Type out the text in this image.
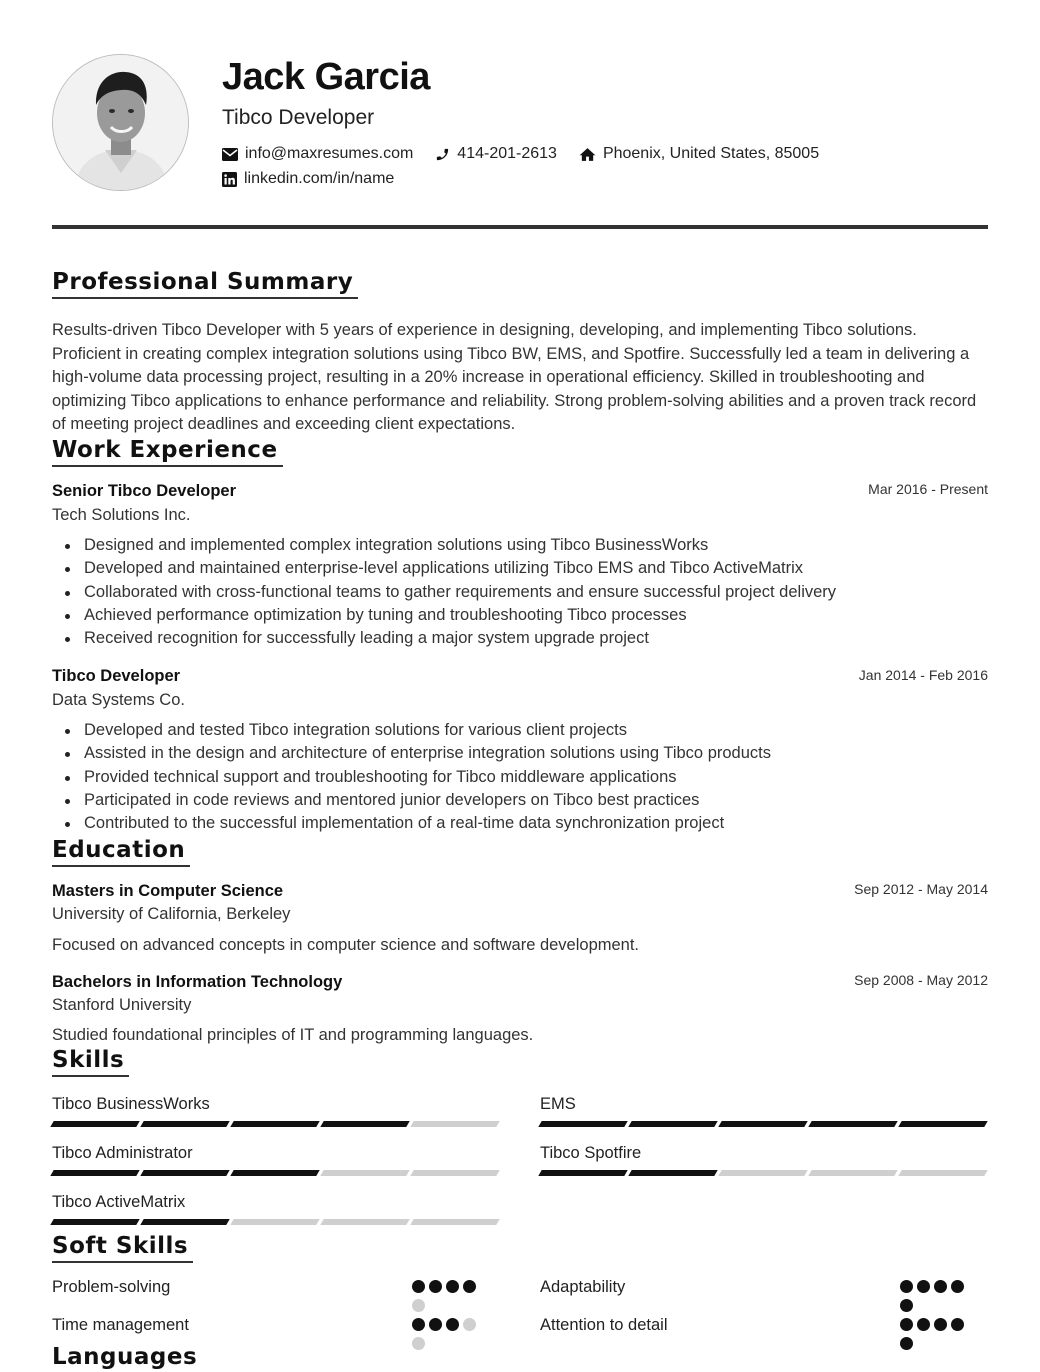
Jack Garcia
Tibco Developer
info@maxresumes.com	414-201-2613	Phoenix, United States, 85005
linkedin.com/in/name
Professional Summary
Results-driven Tibco Developer with 5 years of experience in designing, developing, and implementing Tibco solutions. Proficient in creating complex integration solutions using Tibco BW, EMS, and Spotfire. Successfully led a team in delivering a high-volume data processing project, resulting in a 20% increase in operational efficiency. Skilled in troubleshooting and optimizing Tibco applications to enhance performance and reliability. Strong problem-solving abilities and a proven track record of meeting project deadlines and exceeding client expectations.
Work Experience
Senior Tibco Developer	Mar 2016 - Present
Tech Solutions Inc.
Designed and implemented complex integration solutions using Tibco BusinessWorks
Developed and maintained enterprise-level applications utilizing Tibco EMS and Tibco ActiveMatrix
Collaborated with cross-functional teams to gather requirements and ensure successful project delivery
Achieved performance optimization by tuning and troubleshooting Tibco processes
Received recognition for successfully leading a major system upgrade project
Tibco Developer	Jan 2014 - Feb 2016
Data Systems Co.
Developed and tested Tibco integration solutions for various client projects
Assisted in the design and architecture of enterprise integration solutions using Tibco products
Provided technical support and troubleshooting for Tibco middleware applications
Participated in code reviews and mentored junior developers on Tibco best practices
Contributed to the successful implementation of a real-time data synchronization project
Education
Masters in Computer Science	Sep 2012 - May 2014
University of California, Berkeley
Focused on advanced concepts in computer science and software development.
Bachelors in Information Technology	Sep 2008 - May 2012
Stanford University
Studied foundational principles of IT and programming languages.
Skills
Tibco BusinessWorks	EMS
Tibco Administrator	Tibco Spotfire
Tibco ActiveMatrix
Soft Skills
Problem-solving	Adaptability
Time management	Attention to detail
Languages
